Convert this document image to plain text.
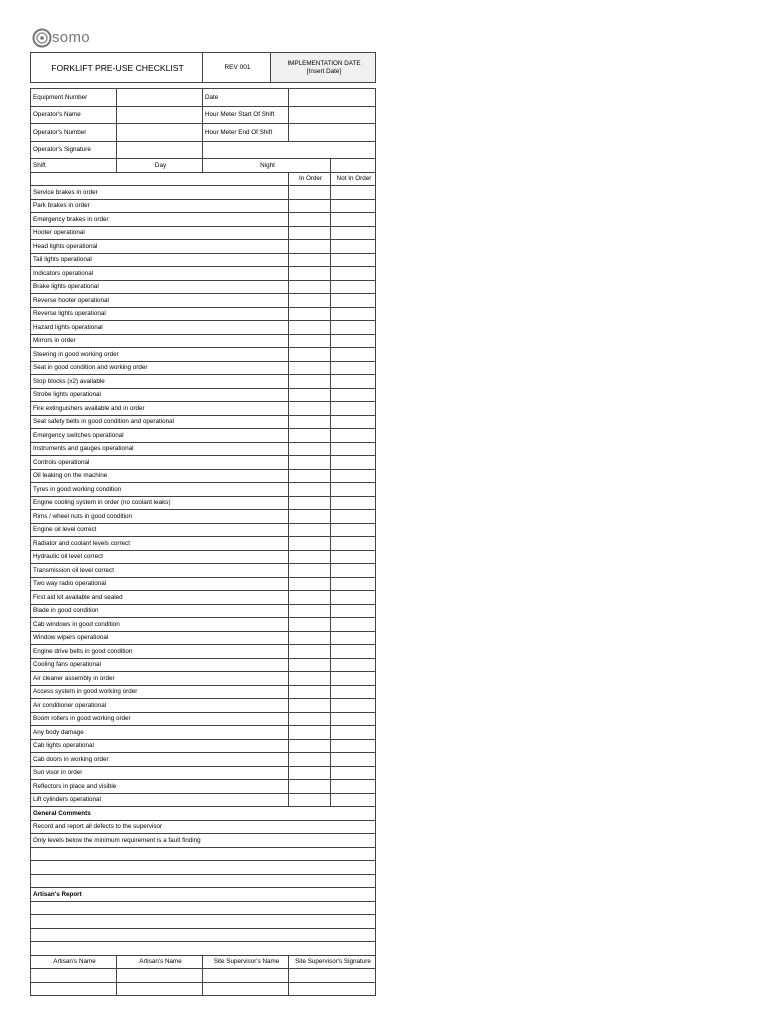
somo
FORKLIFT PRE-USE CHECKLIST	REV 001	IMPLEMENTATION DATE
[Insert Date]
Equipment Number		Date		
Operator's Name		Hour Meter Start Of Shift		
Operator's Number		Hour Meter End Of Shift		
Operator's Signature				
Shift	Day	Night		
			In Order	Not In Order
Service brakes in order				
Park brakes in order				
Emergency brakes in order				
Hooter operational				
Head lights operational				
Tail lights operational				
Indicators operational				
Brake lights operational				
Reverse hooter operational				
Reverse lights operational				
Hazard lights operational				
Mirrors in order				
Steering in good working order				
Seat in good condition and working order				
Stop blocks (x2) available				
Strobe lights operational				
Fire extinguishers available and in order				
Seat safety belts in good condition and operational				
Emergency switches operational				
Instruments and gauges operational				
Controls operational				
Oil leaking on the machine				
Tyres in good working condition				
Engine cooling system in order (no coolant leaks)				
Rims / wheel nuts in good condition				
Engine oil level correct				
Radiator and coolant levels correct				
Hydraulic oil level correct				
Transmission oil level correct				
Two way radio operational				
First aid kit available and sealed				
Blade in good condition				
Cab windows in good condition				
Window wipers operational				
Engine drive belts in good condition				
Cooling fans operational				
Air cleaner assembly in order				
Access system in good working order				
Air conditioner operational				
Boom rollers in good working order				
Any body damage				
Cab lights operational				
Cab doors in working order				
Sun visor in order				
Reflectors in place and visible				
Lift cylinders operational				
General Comments				
Record and report all defects to the supervisor				
Only levels below the minimum requirement is a fault finding				

Artisan's Report				

Artisan's Name	Artisan's Name	Site Supervisor's Name	Site Supervisor's Signature	
